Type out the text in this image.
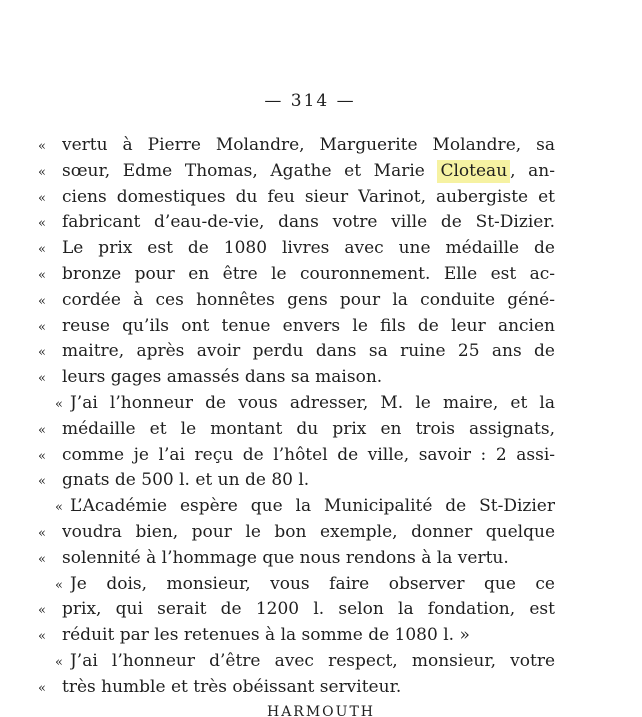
— 314 —
« vertu à Pierre Molandre, Marguerite Molandre, sa
« sœur, Edme Thomas, Agathe et Marie Cloteau , an-
« ciens domestiques du feu sieur Varinot, aubergiste et
« fabricant d’eau-de-vie, dans votre ville de St-Dizier.
« Le prix est de 1080 livres avec une médaille de
« bronze pour en être le couronnement. Elle est ac-
« cordée à ces honnêtes gens pour la conduite géné-
« reuse qu’ils ont tenue envers le fils de leur ancien
« maitre, après avoir perdu dans sa ruine 25 ans de
« leurs gages amassés dans sa maison.
« J’ai l’honneur de vous adresser, M. le maire, et la
« médaille et le montant du prix en trois assignats,
« comme je l’ai reçu de l’hôtel de ville, savoir : 2 assi-
« gnats de 500 l. et un de 80 l.
« L’Académie espère que la Municipalité de St-Dizier
« voudra bien, pour le bon exemple, donner quelque
« solennité à l’hommage que nous rendons à la vertu.
« Je dois, monsieur, vous faire observer que ce
« prix, qui serait de 1200 l. selon la fondation, est
« réduit par les retenues à la somme de 1080 l. »
« J’ai l’honneur d’être avec respect, monsieur, votre
« très humble et très obéissant serviteur.
HARMOUTH
